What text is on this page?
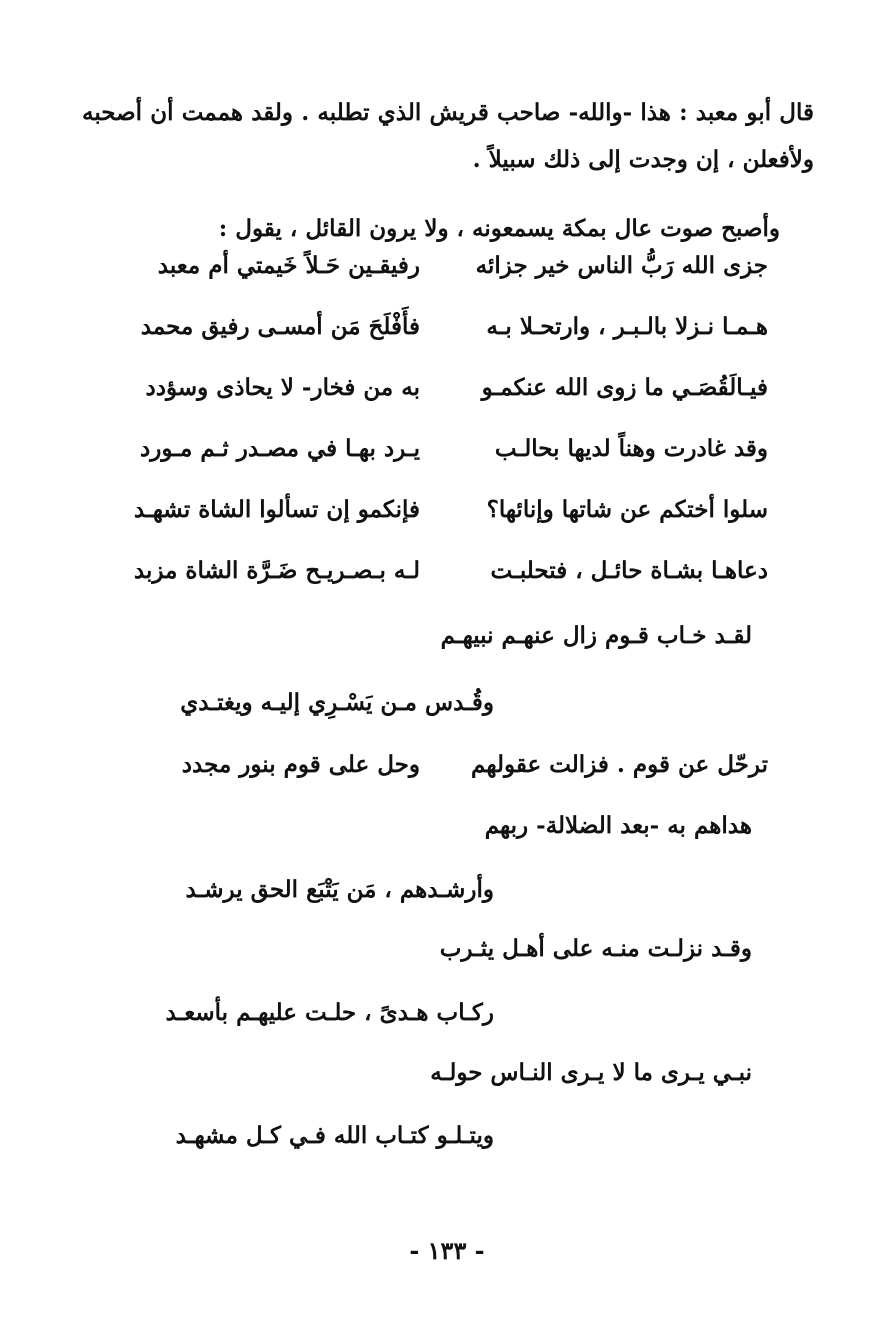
قال أبو معبد : هذا -والله- صاحب قريش الذي تطلبه . ولقد هممت أن أصحبه ولأفعلن ، إن وجدت إلى ذلك سبيلاً .

وأصبح صوت عال بمكة يسمعونه ، ولا يرون القائل ، يقول :

جزى الله رَبُّ الناس خير جزائه
رفيقـين حَـلاً خَيمتي أم معبد
هـمـا نـزلا بالـبـر ، وارتحـلا بـه
فأَفْلَحَ مَن أمسـى رفيق محمد
فيـالَقُصَـي ما زوى الله عنكمـو
به من فخار- لا يحاذى وسؤدد
وقد غادرت وهناً لديها بحالـب
يـرد بهـا في مصـدر ثـم مـورد
سلوا أختكم عن شاتها وإنائها؟
فإنكمو إن تسألوا الشاة تشهـد
دعاهـا بشـاة حائـل ، فتحلبـت
لـه بـصـريـح ضَـرَّة الشاة مزبد
لقـد خـاب قـوم زال عنهـم نبيهـم
وقُـدس مـن يَسْـرِي إليـه ويغتـدي
ترحّل عن قوم . فزالت عقولهم
وحل على قوم بنور مجدد
هداهم به -بعد الضلالة- ربهم
وأرشـدهم ، مَن يَتْبَع الحق يرشـد
وقـد نزلـت منـه على أهـل يثـرب
ركـاب هـدىً ، حلـت عليهـم بأسعـد
نبـي يـرى ما لا يـرى النـاس حولـه
ويتـلـو كتـاب الله فـي كـل مشهـد
- ١٣٣ -
